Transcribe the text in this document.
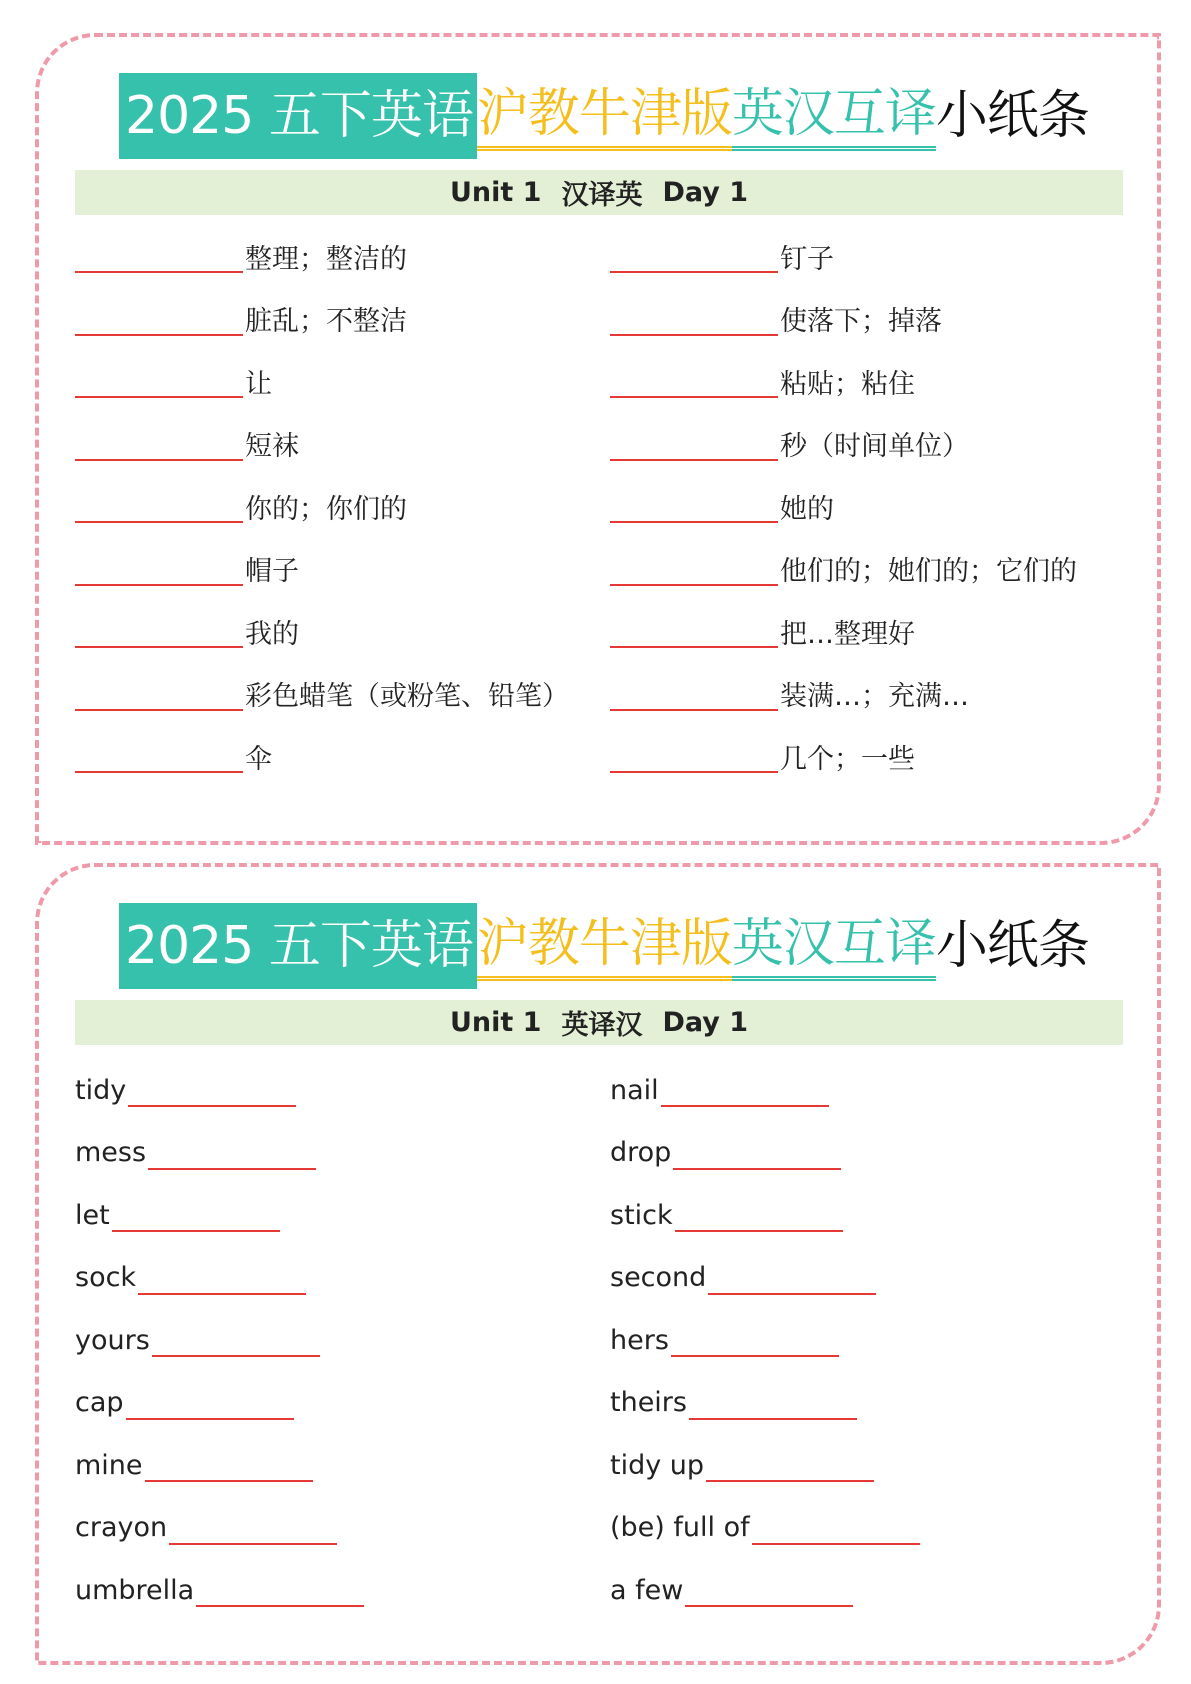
2025 五下英语 沪教牛津版 英汉互译 小纸条
Unit 1 汉译英 Day 1
整理；整洁的	钉子
脏乱；不整洁	使落下；掉落
让	粘贴；粘住
短袜	秒（时间单位）
你的；你们的	她的
帽子	他们的；她们的；它们的
我的	把…整理好
彩色蜡笔（或粉笔、铅笔）	装满…；充满…
伞	几个；一些
2025 五下英语 沪教牛津版 英汉互译 小纸条
Unit 1 英译汉 Day 1
tidy	nail
mess	drop
let	stick
sock	second
yours	hers
cap	theirs
mine	tidy up
crayon	(be) full of
umbrella	a few
